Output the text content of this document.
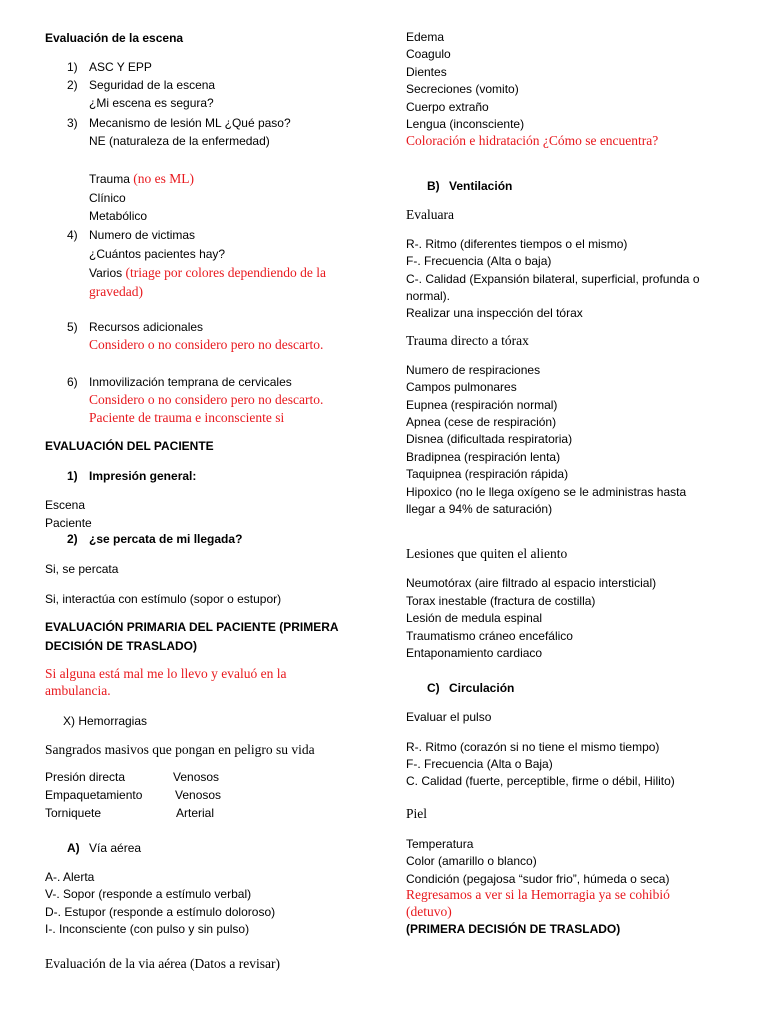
Evaluación de la escena
1) ASC Y EPP
2) Seguridad de la escena
¿Mi escena es segura?
3) Mecanismo de lesión ML ¿Qué paso?
NE (naturaleza de la enfermedad)
Trauma (no es ML)
Clínico
Metabólico
4) Numero de victimas
¿Cuántos pacientes hay?
Varios (triage por colores dependiendo de la
gravedad)
5) Recursos adicionales
Considero o no considero pero no descarto.
6) Inmovilización temprana de cervicales
Considero o no considero pero no descarto.
Paciente de trauma e inconsciente si
EVALUACIÓN DEL PACIENTE
1) Impresión general:
Escena
Paciente
2) ¿se percata de mi llegada?
Si, se percata
Si, interactúa con estímulo (sopor o estupor)
EVALUACIÓN PRIMARIA DEL PACIENTE (PRIMERA
DECISIÓN DE TRASLADO)
Si alguna está mal me lo llevo y evaluó en la
ambulancia.
X) Hemorragias
Sangrados masivos que pongan en peligro su vida
Presión directa	Venosos
Empaquetamiento	Venosos
Torniquete	Arterial
A) Vía aérea
A-. Alerta
V-. Sopor (responde a estímulo verbal)
D-. Estupor (responde a estímulo doloroso)
I-. Inconsciente (con pulso y sin pulso)
Evaluación de la via aérea (Datos a revisar)
Edema
Coagulo
Dientes
Secreciones (vomito)
Cuerpo extraño
Lengua (inconsciente)
Coloración e hidratación ¿Cómo se encuentra?
B) Ventilación
Evaluara
R-. Ritmo (diferentes tiempos o el mismo)
F-. Frecuencia (Alta o baja)
C-. Calidad (Expansión bilateral, superficial, profunda o
normal).
Realizar una inspección del tórax
Trauma directo a tórax
Numero de respiraciones
Campos pulmonares
Eupnea (respiración normal)
Apnea (cese de respiración)
Disnea (dificultada respiratoria)
Bradipnea (respiración lenta)
Taquipnea (respiración rápida)
Hipoxico (no le llega oxígeno se le administras hasta
llegar a 94% de saturación)
Lesiones que quiten el aliento
Neumotórax (aire filtrado al espacio intersticial)
Torax inestable (fractura de costilla)
Lesión de medula espinal
Traumatismo cráneo encefálico
Entaponamiento cardiaco
C) Circulación
Evaluar el pulso
R-. Ritmo (corazón si no tiene el mismo tiempo)
F-. Frecuencia (Alta o Baja)
C. Calidad (fuerte, perceptible, firme o débil, Hilito)
Piel
Temperatura
Color (amarillo o blanco)
Condición (pegajosa “sudor frio”, húmeda o seca)
Regresamos a ver si la Hemorragia ya se cohibió
(detuvo)
(PRIMERA DECISIÓN DE TRASLADO)
